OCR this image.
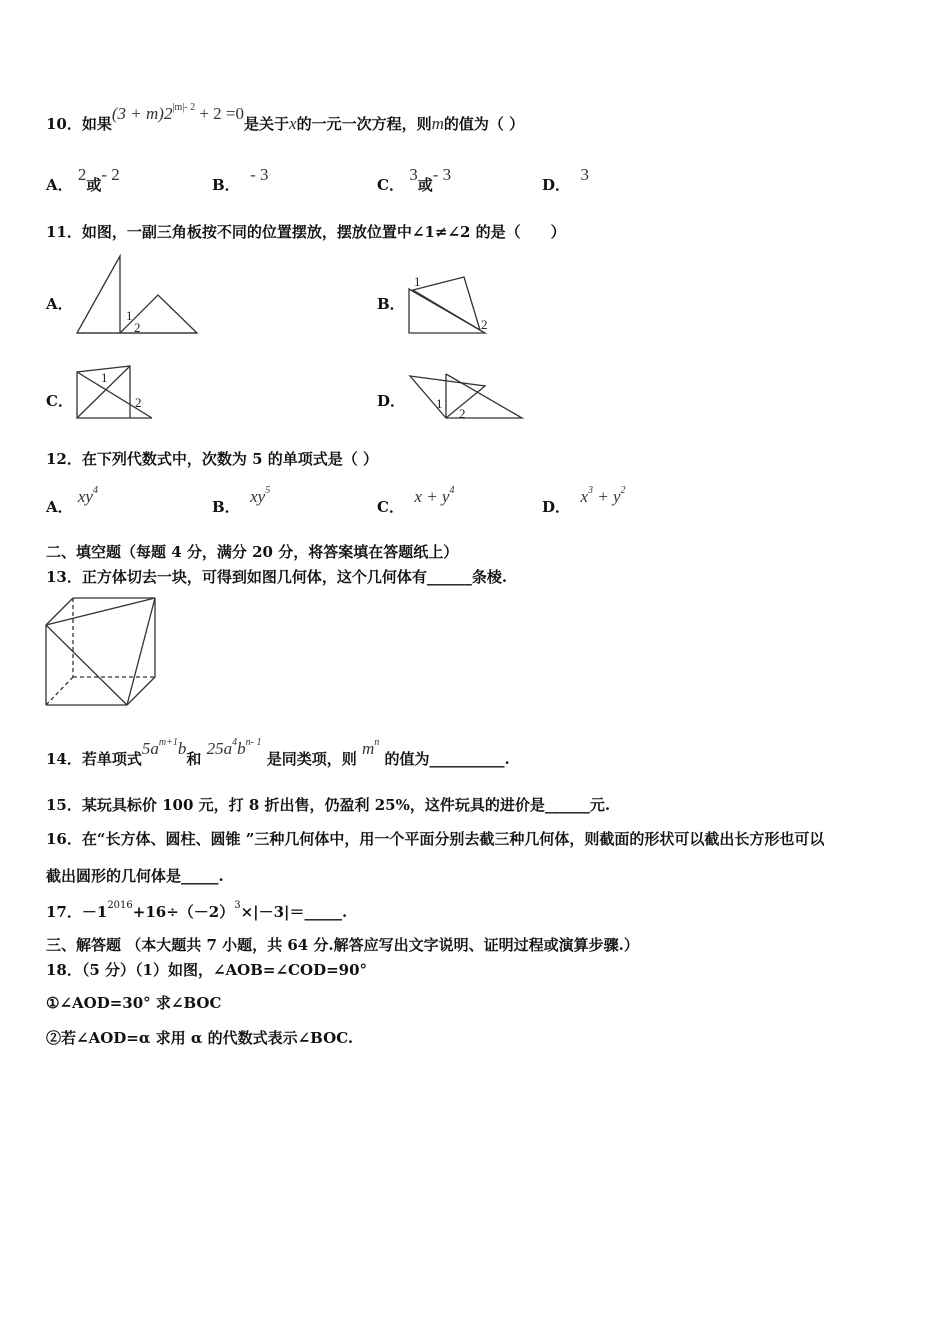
10．如果$(3 + m)2^{|m|- 2} + 2 =0$是关于x的一元一次方程，则m的值为（ ）
A． 2或- 2
B．  - 3
C． 3或- 3
D．  3
11．如图，一副三角板按不同的位置摆放，摆放位置中∠1≠∠2 的是（　　）
A．	B．
C．	D．
1
2
1
2
1
2	1
2
12．在下列代数式中，次数为 5 的单项式是（ ）
A． $xy^4$
B．  $xy^5$
C．  $x + y^4$
D．  $x^3 + y^2$
二、填空题（每题 4 分，满分 20 分，将答案填在答题纸上）
13．正方体切去一块，可得到如图几何体，这个几何体有______条棱.
14．若单项式$5a^{m+1}b$和 $25a^4b^{n- 1}$ 是同类项，则 $m^n$ 的值为__________.
15．某玩具标价 100 元，打 8 折出售，仍盈利 25%，这件玩具的进价是______元.
16．在“长方体、圆柱、圆锥 ”三种几何体中，用一个平面分别去截三种几何体，则截面的形状可以截出长方形也可以
截出圆形的几何体是_____.
17．$-1^{2016}+16\div(-2)^3\times|-3|=\_\_\_\_\_$.
三、解答题 （本大题共 7 小题，共 64 分.解答应写出文字说明、证明过程或演算步骤.）
18．（5 分）（1）如图，∠AOB=∠COD=90°
①∠AOD=30° 求∠BOC
②若∠AOD=α 求用 α 的代数式表示∠BOC.
